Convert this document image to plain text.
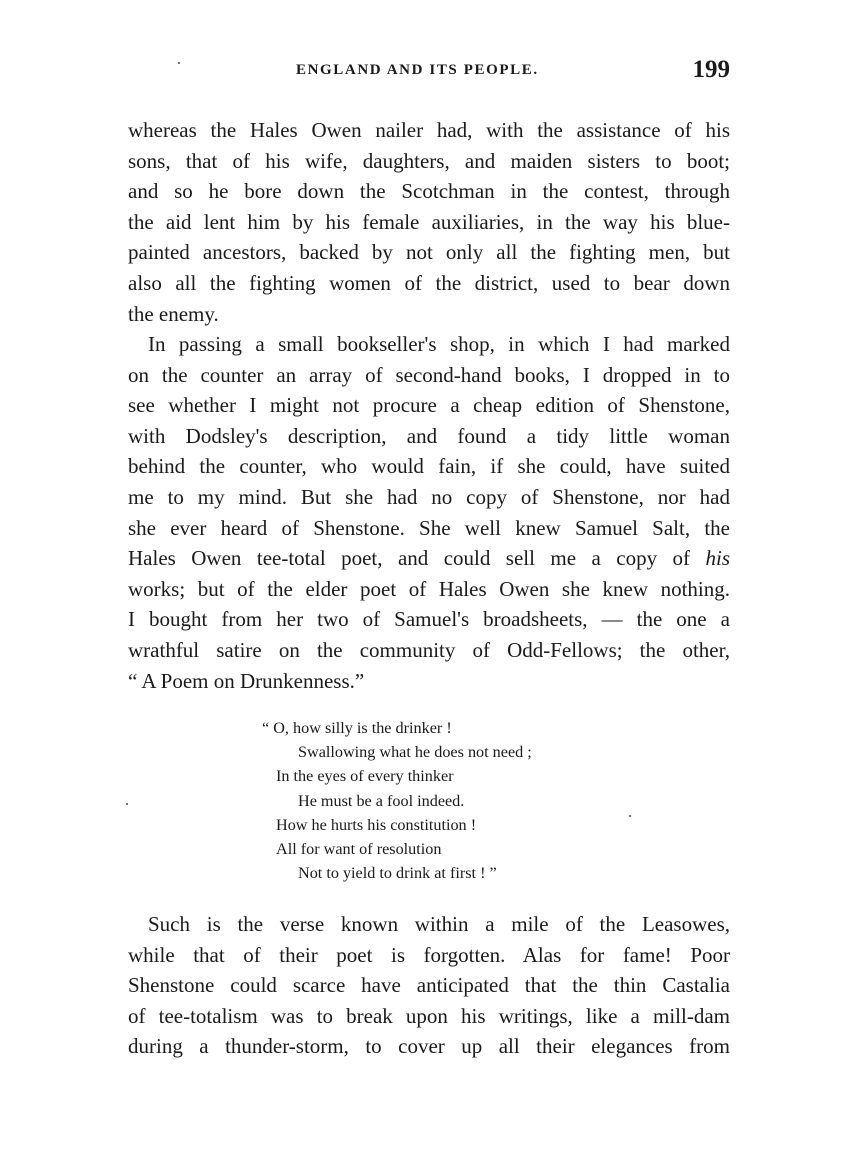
ENGLAND AND ITS PEOPLE.	199
whereas the Hales Owen nailer had, with the assistance of his
sons, that of his wife, daughters, and maiden sisters to boot;
and so he bore down the Scotchman in the contest, through
the aid lent him by his female auxiliaries, in the way his blue-
painted ancestors, backed by not only all the fighting men, but
also all the fighting women of the district, used to bear down
the enemy.
In passing a small bookseller's shop, in which I had marked
on the counter an array of second-hand books, I dropped in to
see whether I might not procure a cheap edition of Shenstone,
with Dodsley's description, and found a tidy little woman
behind the counter, who would fain, if she could, have suited
me to my mind. But she had no copy of Shenstone, nor had
she ever heard of Shenstone. She well knew Samuel Salt, the
Hales Owen tee-total poet, and could sell me a copy of his
works; but of the elder poet of Hales Owen she knew nothing.
I bought from her two of Samuel's broadsheets, — the one a
wrathful satire on the community of Odd-Fellows; the other,
“ A Poem on Drunkenness.”
“ O, how silly is the drinker !
Swallowing what he does not need ;
In the eyes of every thinker
He must be a fool indeed.
How he hurts his constitution !
All for want of resolution
Not to yield to drink at first ! ”
Such is the verse known within a mile of the Leasowes,
while that of their poet is forgotten. Alas for fame! Poor
Shenstone could scarce have anticipated that the thin Castalia
of tee-totalism was to break upon his writings, like a mill-dam
during a thunder-storm, to cover up all their elegances from
